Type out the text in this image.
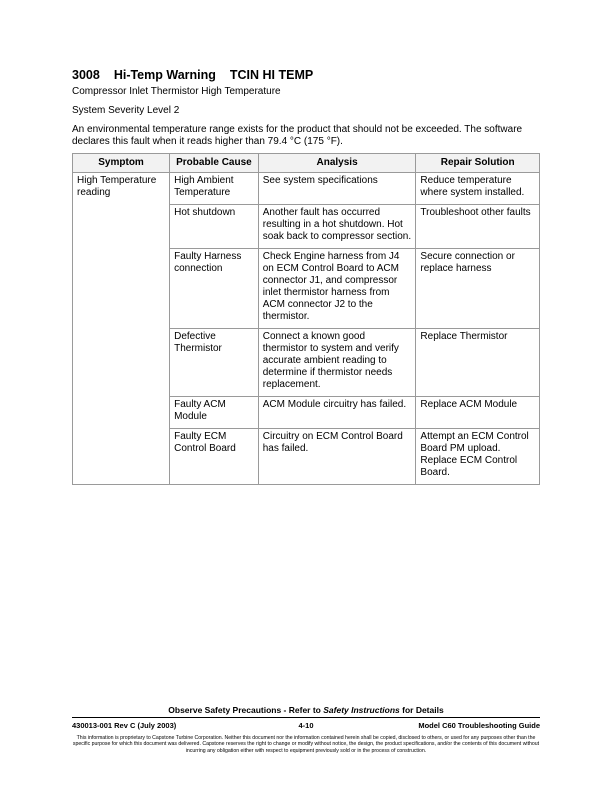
3008 Hi-Temp Warning TCIN HI TEMP
Compressor Inlet Thermistor High Temperature
System Severity Level 2
An environmental temperature range exists for the product that should not be exceeded. The software declares this fault when it reads higher than 79.4 °C (175 °F).
Symptom	Probable Cause	Analysis	Repair Solution
High Temperature reading	High Ambient Temperature	See system specifications	Reduce temperature where system installed.
	Hot shutdown	Another fault has occurred resulting in a hot shutdown. Hot soak back to compressor section.	Troubleshoot other faults
	Faulty Harness connection	Check Engine harness from J4 on ECM Control Board to ACM connector J1, and compressor inlet thermistor harness from ACM connector J2 to the thermistor.	Secure connection or replace harness
	Defective Thermistor	Connect a known good thermistor to system and verify accurate ambient reading to determine if thermistor needs replacement.	Replace Thermistor
	Faulty ACM Module	ACM Module circuitry has failed.	Replace ACM Module
	Faulty ECM Control Board	Circuitry on ECM Control Board has failed.	Attempt an ECM Control Board PM upload. Replace ECM Control Board.
Observe Safety Precautions - Refer to Safety Instructions for Details
430013-001 Rev C (July 2003)	4-10	Model C60 Troubleshooting Guide
This information is proprietary to Capstone Turbine Corporation. Neither this document nor the information contained herein shall be copied, disclosed to others, or used for any purposes other than the specific purpose for which this document was delivered. Capstone reserves the right to change or modify without notice, the design, the product specifications, and/or the contents of this document without incurring any obligation either with respect to equipment previously sold or in the process of construction.
